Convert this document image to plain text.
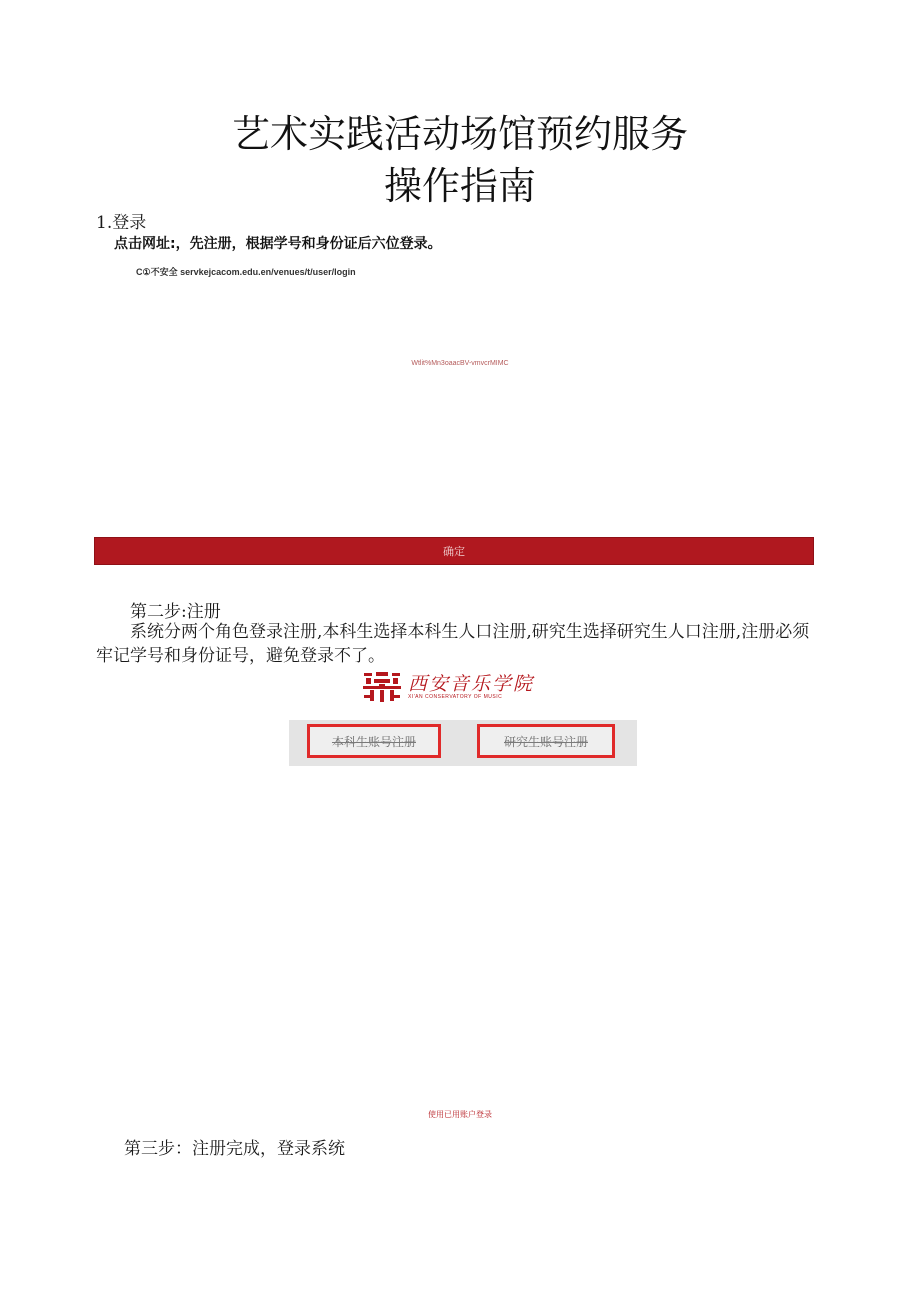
艺术实践活动场馆预约服务
操作指南
1.登录
点击网址:，先注册，根据学号和身份证后六位登录。
C①不安全 servkejcacom.edu.en/venues/t/user/login
Wtlit%Mn3oaacBV-vmvcrMIMC
确定
第二步:注册
系统分两个角色登录注册,本科生选择本科生人口注册,研究生选择研究生人口注册,注册必须牢记学号和身份证号，避免登录不了。
西安音乐学院
XI'AN CONSERVATORY OF MUSIC
本科生账号注册	研究生账号注册
使用已用账户登录
第三步：注册完成，登录系统
